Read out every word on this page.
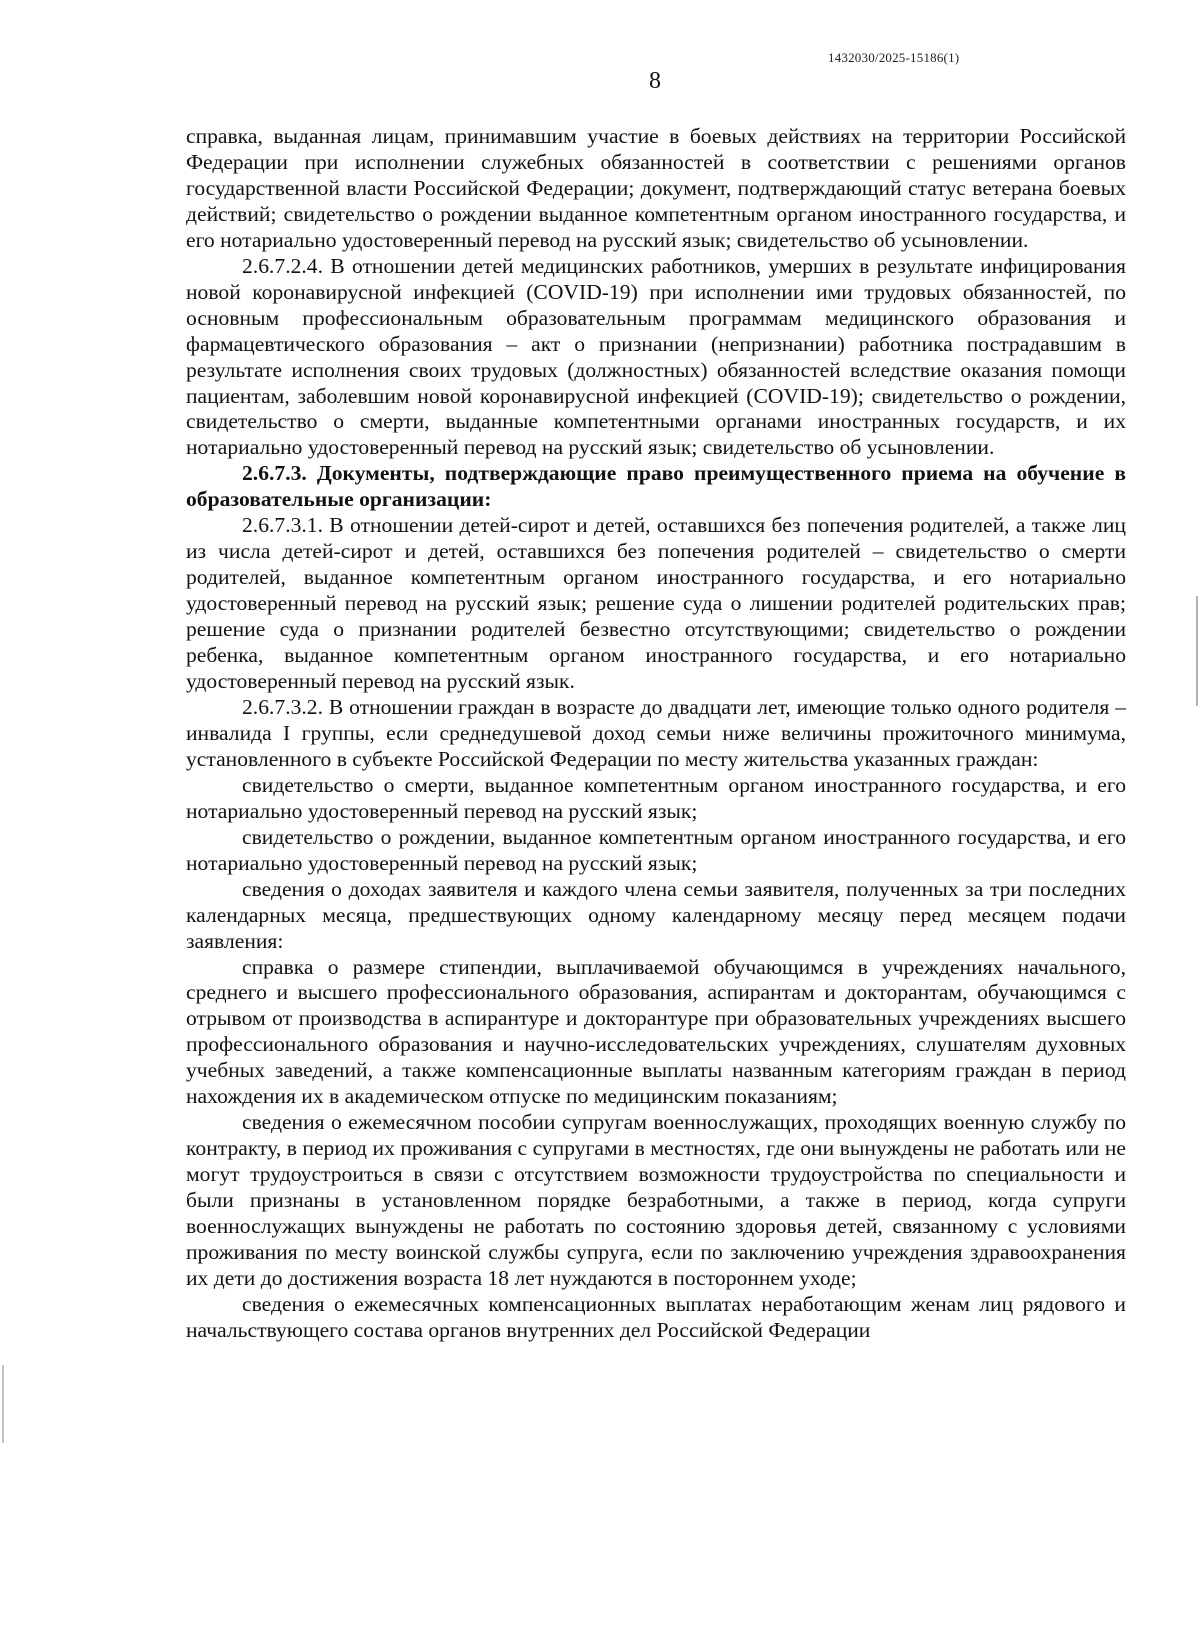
1432030/2025-15186(1)
8

справка, выданная лицам, принимавшим участие в боевых действиях на территории Российской Федерации при исполнении служебных обязанностей в соответствии с решениями органов государственной власти Российской Федерации; документ, подтверждающий статус ветерана боевых действий; свидетельство о рождении выданное компетентным органом иностранного государства, и его нотариально удостоверенный перевод на русский язык; свидетельство об усыновлении.

2.6.7.2.4. В отношении детей медицинских работников, умерших в результате инфицирования новой коронавирусной инфекцией (COVID-19) при исполнении ими трудовых обязанностей, по основным профессиональным образовательным программам медицинского образования и фармацевтического образования – акт о признании (непризнании) работника пострадавшим в результате исполнения своих трудовых (должностных) обязанностей вследствие оказания помощи пациентам, заболевшим новой коронавирусной инфекцией (COVID-19); свидетельство о рождении, свидетельство о смерти, выданные компетентными органами иностранных государств, и их нотариально удостоверенный перевод на русский язык; свидетельство об усыновлении.

2.6.7.3. Документы, подтверждающие право преимущественного приема на обучение в образовательные организации:

2.6.7.3.1. В отношении детей-сирот и детей, оставшихся без попечения родителей, а также лиц из числа детей-сирот и детей, оставшихся без попечения родителей – свидетельство о смерти родителей, выданное компетентным органом иностранного государства, и его нотариально удостоверенный перевод на русский язык; решение суда о лишении родителей родительских прав; решение суда о признании родителей безвестно отсутствующими; свидетельство о рождении ребенка, выданное компетентным органом иностранного государства, и его нотариально удостоверенный перевод на русский язык.

2.6.7.3.2. В отношении граждан в возрасте до двадцати лет, имеющие только одного родителя – инвалида I группы, если среднедушевой доход семьи ниже величины прожиточного минимума, установленного в субъекте Российской Федерации по месту жительства указанных граждан:

свидетельство о смерти, выданное компетентным органом иностранного государства, и его нотариально удостоверенный перевод на русский язык;

свидетельство о рождении, выданное компетентным органом иностранного государства, и его нотариально удостоверенный перевод на русский язык;

сведения о доходах заявителя и каждого члена семьи заявителя, полученных за три последних календарных месяца, предшествующих одному календарному месяцу перед месяцем подачи заявления:

справка о размере стипендии, выплачиваемой обучающимся в учреждениях начального, среднего и высшего профессионального образования, аспирантам и докторантам, обучающимся с отрывом от производства в аспирантуре и докторантуре при образовательных учреждениях высшего профессионального образования и научно-исследовательских учреждениях, слушателям духовных учебных заведений, а также компенсационные выплаты названным категориям граждан в период нахождения их в академическом отпуске по медицинским показаниям;

сведения о ежемесячном пособии супругам военнослужащих, проходящих военную службу по контракту, в период их проживания с супругами в местностях, где они вынуждены не работать или не могут трудоустроиться в связи с отсутствием возможности трудоустройства по специальности и были признаны в установленном порядке безработными, а также в период, когда супруги военнослужащих вынуждены не работать по состоянию здоровья детей, связанному с условиями проживания по месту воинской службы супруга, если по заключению учреждения здравоохранения их дети до достижения возраста 18 лет нуждаются в постороннем уходе;

сведения о ежемесячных компенсационных выплатах неработающим женам лиц рядового и начальствующего состава органов внутренних дел Российской Федерации
